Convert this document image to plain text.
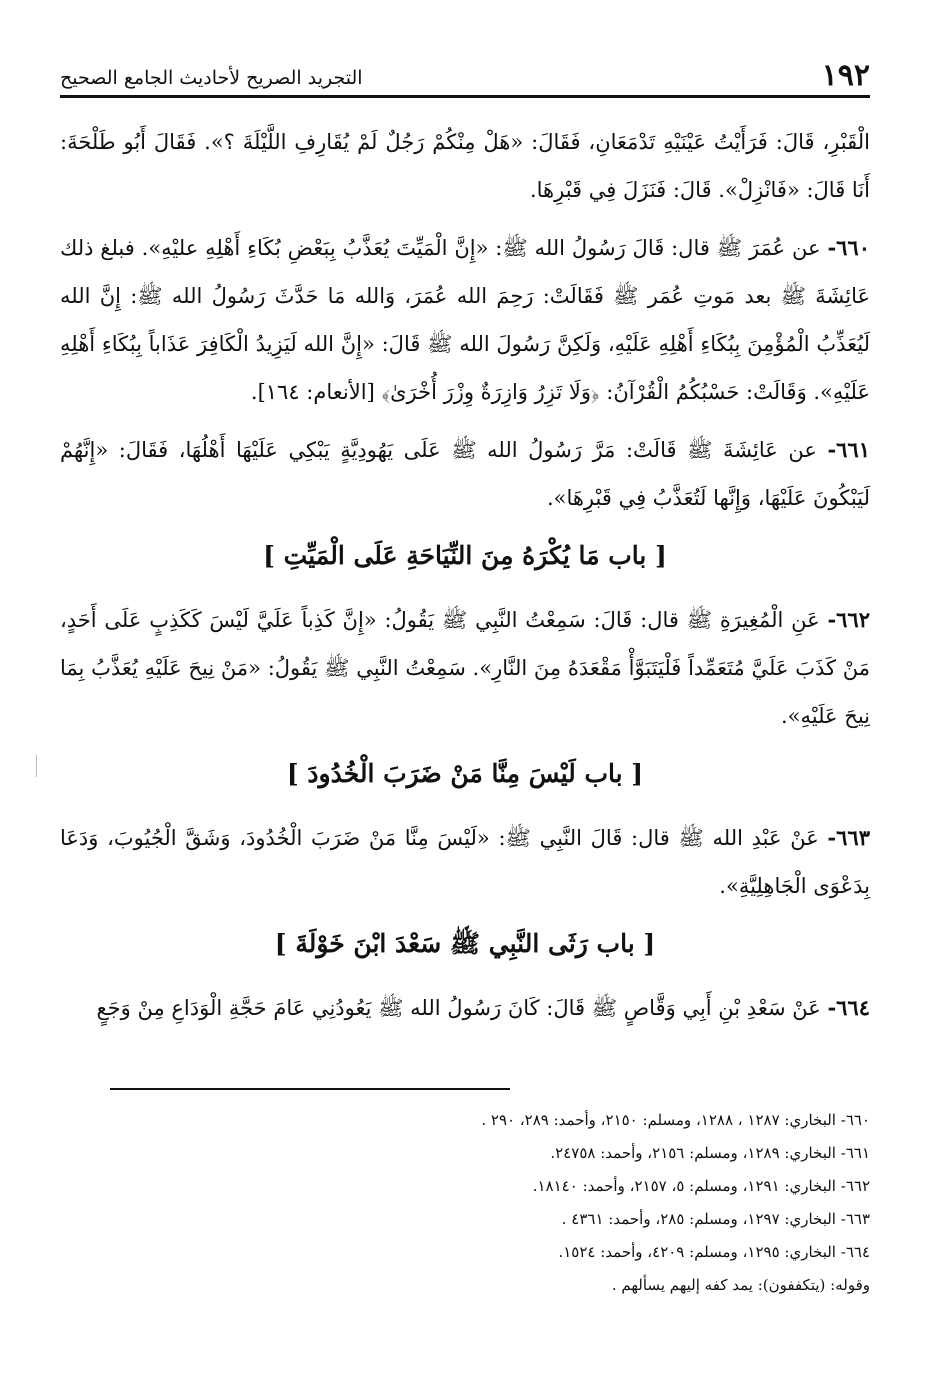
١٩٢
التجريد الصريح لأحاديث الجامع الصحيح

الْقَبْرِ، قَالَ: فَرَأَيْتُ عَيْنَيْهِ تَدْمَعَانِ، فَقَالَ: «هَلْ مِنْكُمْ رَجُلٌ لَمْ يُقَارِفِ اللَّيْلَةَ ؟». فَقَالَ أَبُو طَلْحَةَ: أَنَا قَالَ: «فَانْزِلْ». قَالَ: فَنَزَلَ فِي قَبْرِهَا.

٦٦٠- عن عُمَرَ ﷺ قال: قَالَ رَسُولُ الله ﷺ: «إِنَّ الْمَيِّتَ يُعَذَّبُ بِبَعْضِ بُكَاءِ أَهْلِهِ عليْهِ». فبلغ ذلك عَائِشَةَ ﷺ بعد مَوتِ عُمَر ﷺ فَقَالَتْ: رَحِمَ الله عُمَرَ، وَالله مَا حَدَّثَ رَسُولُ الله ﷺ: إِنَّ الله لَيُعَذِّبُ الْمُؤْمِنَ بِبُكَاءِ أَهْلِهِ عَلَيْهِ، وَلَكِنَّ رَسُولَ الله ﷺ قَالَ: «إِنَّ الله لَيَزِيدُ الْكَافِرَ عَذَاباً بِبُكَاءِ أَهْلِهِ عَلَيْهِ». وَقَالَتْ: حَسْبُكُمُ الْقُرْآنُ: ﴿وَلَا تَزِرُ وَازِرَةٌ وِزْرَ أُخْرَىٰ﴾ [الأنعام: ١٦٤].

٦٦١- عن عَائِشَةَ ﷺ قَالَتْ: مَرَّ رَسُولُ الله ﷺ عَلَى يَهُودِيَّةٍ يَبْكِي عَلَيْهَا أَهْلُهَا، فَقَالَ: «إِنَّهُمْ لَيَبْكُونَ عَلَيْهَا، وَإِنَّها لَتُعَذَّبُ فِي قَبْرِهَا».

[ باب مَا يُكْرَهُ مِنَ النِّيَاحَةِ عَلَى الْمَيِّتِ ]

٦٦٢- عَنِ الْمُغِيرَةِ ﷺ قال: قَالَ: سَمِعْتُ النَّبِي ﷺ يَقُولُ: «إِنَّ كَذِباً عَلَيَّ لَيْسَ كَكَذِبٍ عَلَى أَحَدٍ، مَنْ كَذَبَ عَلَيَّ مُتَعَمِّداً فَلْيَتَبَوَّأْ مَقْعَدَهُ مِنَ النَّارِ». سَمِعْتُ النَّبِي ﷺ يَقُولُ: «مَنْ نِيحَ عَلَيْهِ يُعَذَّبُ بِمَا نِيحَ عَلَيْهِ».

[ باب لَيْسَ مِنَّا مَنْ ضَرَبَ الْخُدُودَ ]

٦٦٣- عَنْ عَبْدِ الله ﷺ قال: قَالَ النَّبِي ﷺ: «لَيْسَ مِنَّا مَنْ ضَرَبَ الْخُدُودَ، وَشَقَّ الْجُيُوبَ، وَدَعَا بِدَعْوَى الْجَاهِلِيَّةِ».

[ باب رَثَى النَّبِي ﷺ سَعْدَ ابْنَ خَوْلَةَ ]

٦٦٤- عَنْ سَعْدِ بْنِ أَبِي وَقَّاصٍ ﷺ قَالَ: كَانَ رَسُولُ الله ﷺ يَعُودُنِي عَامَ حَجَّةِ الْوَدَاعِ مِنْ وَجَعٍ

٦٦٠- البخاري: ١٢٨٧ ، ١٢٨٨، ومسلم: ٢١٥٠، وأحمد: ٢٨٩، ٢٩٠ .
٦٦١- البخاري: ١٢٨٩، ومسلم: ٢١٥٦، وأحمد: ٢٤٧٥٨.
٦٦٢- البخاري: ١٢٩١، ومسلم: ٥، ٢١٥٧، وأحمد: ١٨١٤٠.
٦٦٣- البخاري: ١٢٩٧، ومسلم: ٢٨٥، وأحمد: ٤٣٦١ .
٦٦٤- البخاري: ١٢٩٥، ومسلم: ٤٢٠٩، وأحمد: ١٥٢٤.
وقوله: (يتكففون): يمد كفه إليهم يسألهم .
